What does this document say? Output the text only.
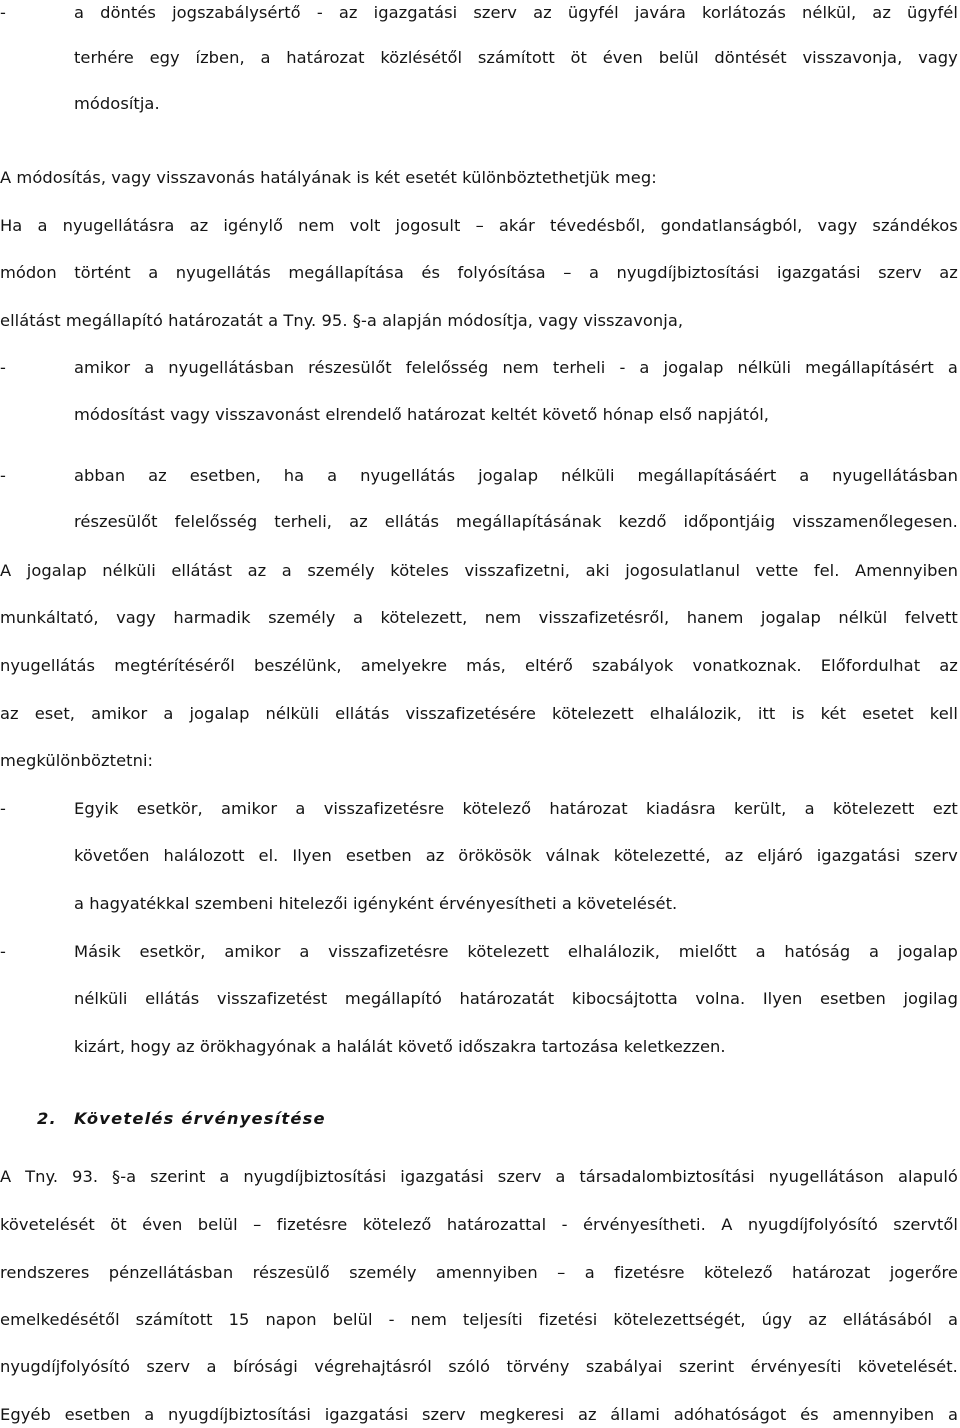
-	a döntés jogszabálysértő - az igazgatási szerv az ügyfél javára korlátozás nélkül, az ügyfél
terhére egy ízben, a határozat közlésétől számított öt éven belül döntését visszavonja, vagy
módosítja.
A módosítás, vagy visszavonás hatályának is két esetét különböztethetjük meg:
Ha a nyugellátásra az igénylő nem volt jogosult – akár tévedésből, gondatlanságból, vagy szándékos
módon történt a nyugellátás megállapítása és folyósítása – a nyugdíjbiztosítási igazgatási szerv az
ellátást megállapító határozatát a Tny. 95. §-a alapján módosítja, vagy visszavonja,
-	amikor a nyugellátásban részesülőt felelősség nem terheli - a jogalap nélküli megállapításért a
módosítást vagy visszavonást elrendelő határozat keltét követő hónap első napjától,
-	abban az esetben, ha a nyugellátás jogalap nélküli megállapításáért a nyugellátásban
részesülőt felelősség terheli, az ellátás megállapításának kezdő időpontjáig visszamenőlegesen.
A jogalap nélküli ellátást az a személy köteles visszafizetni, aki jogosulatlanul vette fel. Amennyiben
munkáltató, vagy harmadik személy a kötelezett, nem visszafizetésről, hanem jogalap nélkül felvett
nyugellátás megtérítéséről beszélünk, amelyekre más, eltérő szabályok vonatkoznak. Előfordulhat az
az eset, amikor a jogalap nélküli ellátás visszafizetésére kötelezett elhalálozik, itt is két esetet kell
megkülönböztetni:
-	Egyik esetkör, amikor a visszafizetésre kötelező határozat kiadásra került, a kötelezett ezt
követően halálozott el. Ilyen esetben az örökösök válnak kötelezetté, az eljáró igazgatási szerv
a hagyatékkal szembeni hitelezői igényként érvényesítheti a követelését.
-	Másik esetkör, amikor a visszafizetésre kötelezett elhalálozik, mielőtt a hatóság a jogalap
nélküli ellátás visszafizetést megállapító határozatát kibocsájtotta volna. Ilyen esetben jogilag
kizárt, hogy az örökhagyónak a halálát követő időszakra tartozása keletkezzen.
A Tny. 93. §-a szerint a nyugdíjbiztosítási igazgatási szerv a társadalombiztosítási nyugellátáson alapuló
követelését öt éven belül – fizetésre kötelező határozattal - érvényesítheti. A nyugdíjfolyósító szervtől
rendszeres pénzellátásban részesülő személy amennyiben – a fizetésre kötelező határozat jogerőre
emelkedésétől számított 15 napon belül - nem teljesíti fizetési kötelezettségét, úgy az ellátásából a
nyugdíjfolyósító szerv a bírósági végrehajtásról szóló törvény szabályai szerint érvényesíti követelését.
Egyéb esetben a nyugdíjbiztosítási igazgatási szerv megkeresi az állami adóhatóságot és amennyiben a
2. Követelés érvényesítése
